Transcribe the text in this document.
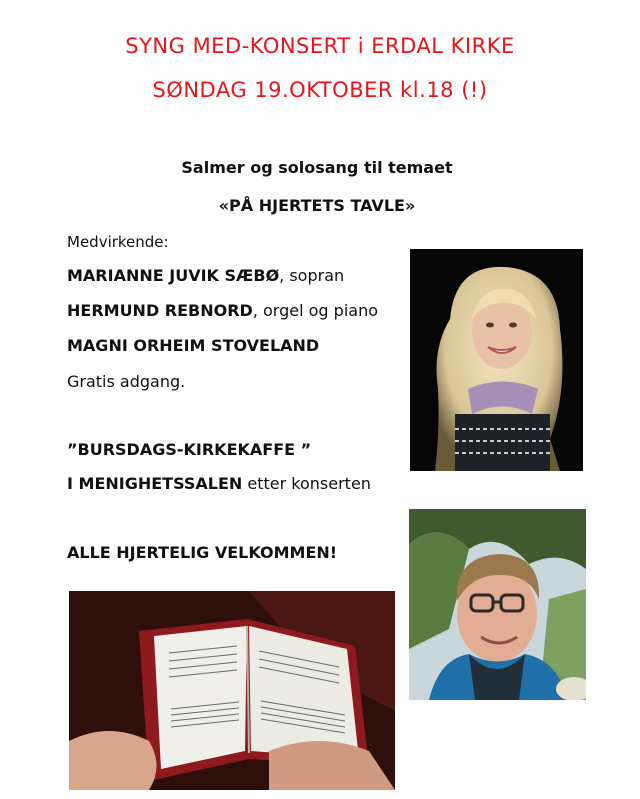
SYNG MED-KONSERT i ERDAL KIRKE
SØNDAG 19.OKTOBER kl.18 (!)
Salmer og solosang til temaet
«PÅ HJERTETS TAVLE»
Medvirkende:
MARIANNE JUVIK SÆBØ, sopran
HERMUND REBNORD, orgel og piano
MAGNI ORHEIM STOVELAND
Gratis adgang.
”BURSDAGS-KIRKEKAFFE ”
I MENIGHETSSALEN etter konserten
ALLE HJERTELIG VELKOMMEN!
